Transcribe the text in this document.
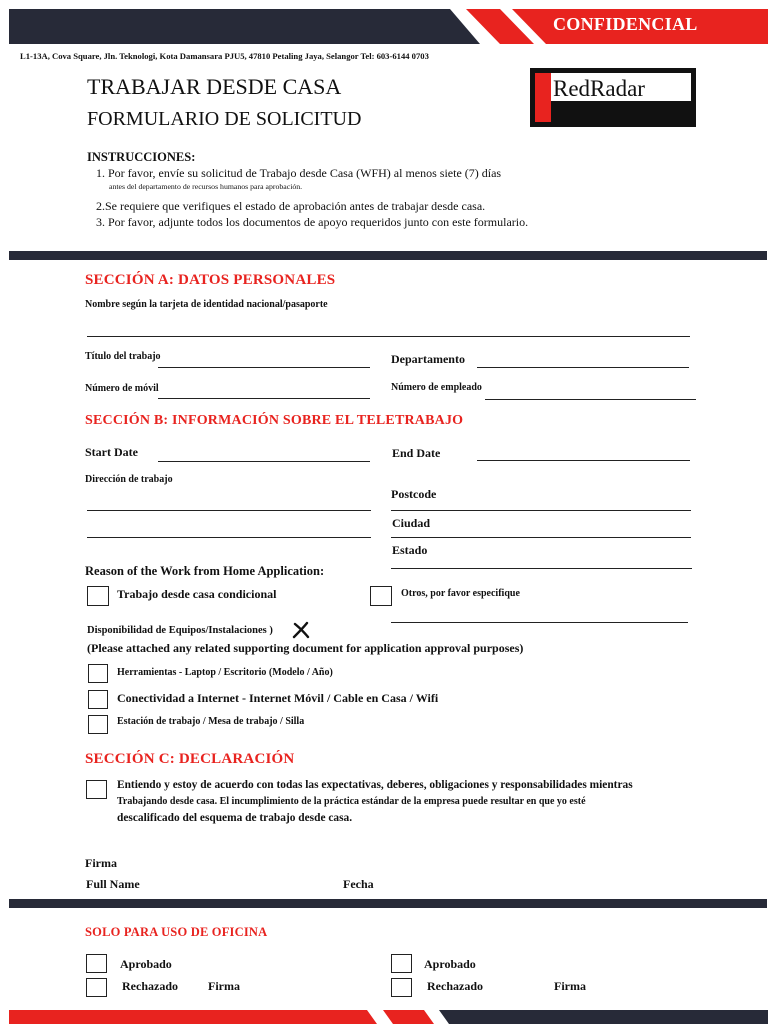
CONFIDENCIAL
L1-13A, Cova Square, Jln. Teknologi, Kota Damansara PJU5, 47810 Petaling Jaya, Selangor Tel: 603-6144 0703
TRABAJAR DESDE CASA
FORMULARIO DE SOLICITUD
RedRadar
INSTRUCCIONES:
1. Por favor, envíe su solicitud de Trabajo desde Casa (WFH) al menos siete (7) días
antes del departamento de recursos humanos para aprobación.
2.Se requiere que verifiques el estado de aprobación antes de trabajar desde casa.
3. Por favor, adjunte todos los documentos de apoyo requeridos junto con este formulario.
SECCIÓN A: DATOS PERSONALES
Nombre según la tarjeta de identidad nacional/pasaporte
Título del trabajo	Departamento
Número de móvil	Número de empleado
SECCIÓN B: INFORMACIÓN SOBRE EL TELETRABAJO
Start Date	End Date
Dirección de trabajo
Postcode
Ciudad
Estado
Reason of the Work from Home Application:
Trabajo desde casa condicional	Otros, por favor especifique
Disponibilidad de Equipos/Instalaciones )
(Please attached any related supporting document for application approval purposes)
Herramientas - Laptop / Escritorio (Modelo / Año)
Conectividad a Internet - Internet Móvil / Cable en Casa / Wifi
Estación de trabajo / Mesa de trabajo / Silla
SECCIÓN C: DECLARACIÓN
Entiendo y estoy de acuerdo con todas las expectativas, deberes, obligaciones y responsabilidades mientras
Trabajando desde casa. El incumplimiento de la práctica estándar de la empresa puede resultar en que yo esté
descalificado del esquema de trabajo desde casa.
Firma
Full Name	Fecha
SOLO PARA USO DE OFICINA
Aprobado
Rechazado	Firma
Aprobado
Rechazado	Firma
